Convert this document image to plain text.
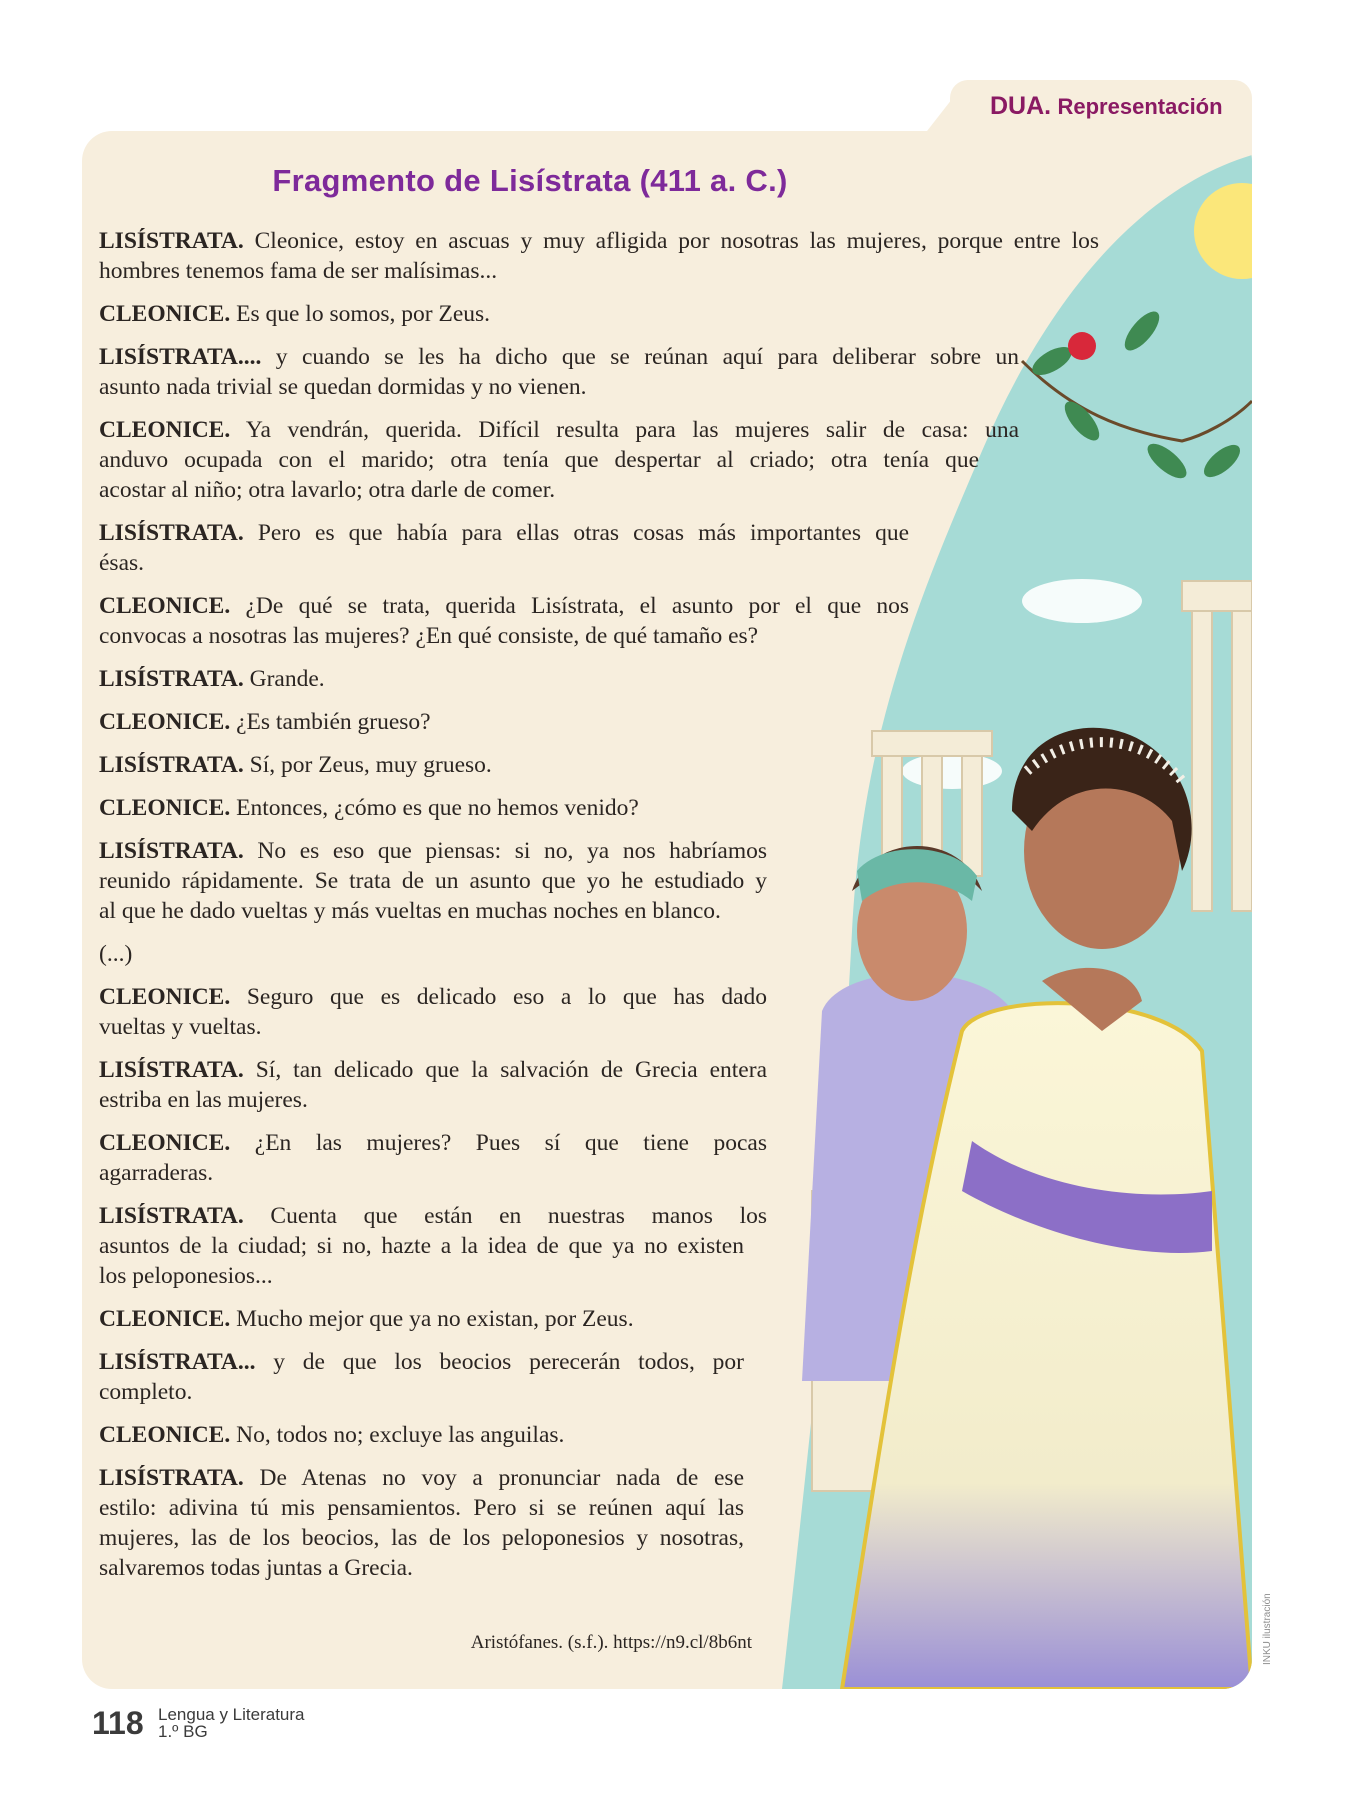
DUA. Representación
Fragmento de Lisístrata (411 a. C.)
LISÍSTRATA. Cleonice, estoy en ascuas y muy afligida por nosotras las mujeres, porque entre los
hombres tenemos fama de ser malísimas...
CLEONICE. Es que lo somos, por Zeus.
LISÍSTRATA.... y cuando se les ha dicho que se reúnan aquí para deliberar sobre un
asunto nada trivial se quedan dormidas y no vienen.
CLEONICE. Ya vendrán, querida. Difícil resulta para las mujeres salir de casa: una
anduvo ocupada con el marido; otra tenía que despertar al criado; otra tenía que
acostar al niño; otra lavarlo; otra darle de comer.
LISÍSTRATA. Pero es que había para ellas otras cosas más importantes que
ésas.
CLEONICE. ¿De qué se trata, querida Lisístrata, el asunto por el que nos
convocas a nosotras las mujeres? ¿En qué consiste, de qué tamaño es?
LISÍSTRATA. Grande.
CLEONICE. ¿Es también grueso?
LISÍSTRATA. Sí, por Zeus, muy grueso.
CLEONICE. Entonces, ¿cómo es que no hemos venido?
LISÍSTRATA. No es eso que piensas: si no, ya nos habríamos
reunido rápidamente. Se trata de un asunto que yo he estudiado y
al que he dado vueltas y más vueltas en muchas noches en blanco.
(...)
CLEONICE. Seguro que es delicado eso a lo que has dado
vueltas y vueltas.
LISÍSTRATA. Sí, tan delicado que la salvación de Grecia entera
estriba en las mujeres.
CLEONICE. ¿En las mujeres? Pues sí que tiene pocas
agarraderas.
LISÍSTRATA. Cuenta que están en nuestras manos los
asuntos de la ciudad; si no, hazte a la idea de que ya no existen
los peloponesios...
CLEONICE. Mucho mejor que ya no existan, por Zeus.
LISÍSTRATA... y de que los beocios perecerán todos, por
completo.
CLEONICE. No, todos no; excluye las anguilas.
LISÍSTRATA. De Atenas no voy a pronunciar nada de ese
estilo: adivina tú mis pensamientos. Pero si se reúnen aquí las
mujeres, las de los beocios, las de los peloponesios y nosotras,
salvaremos todas juntas a Grecia.
Aristófanes. (s.f.). https://n9.cl/8b6nt	INKU ilustración
118 Lengua y Literatura
1.º BG
